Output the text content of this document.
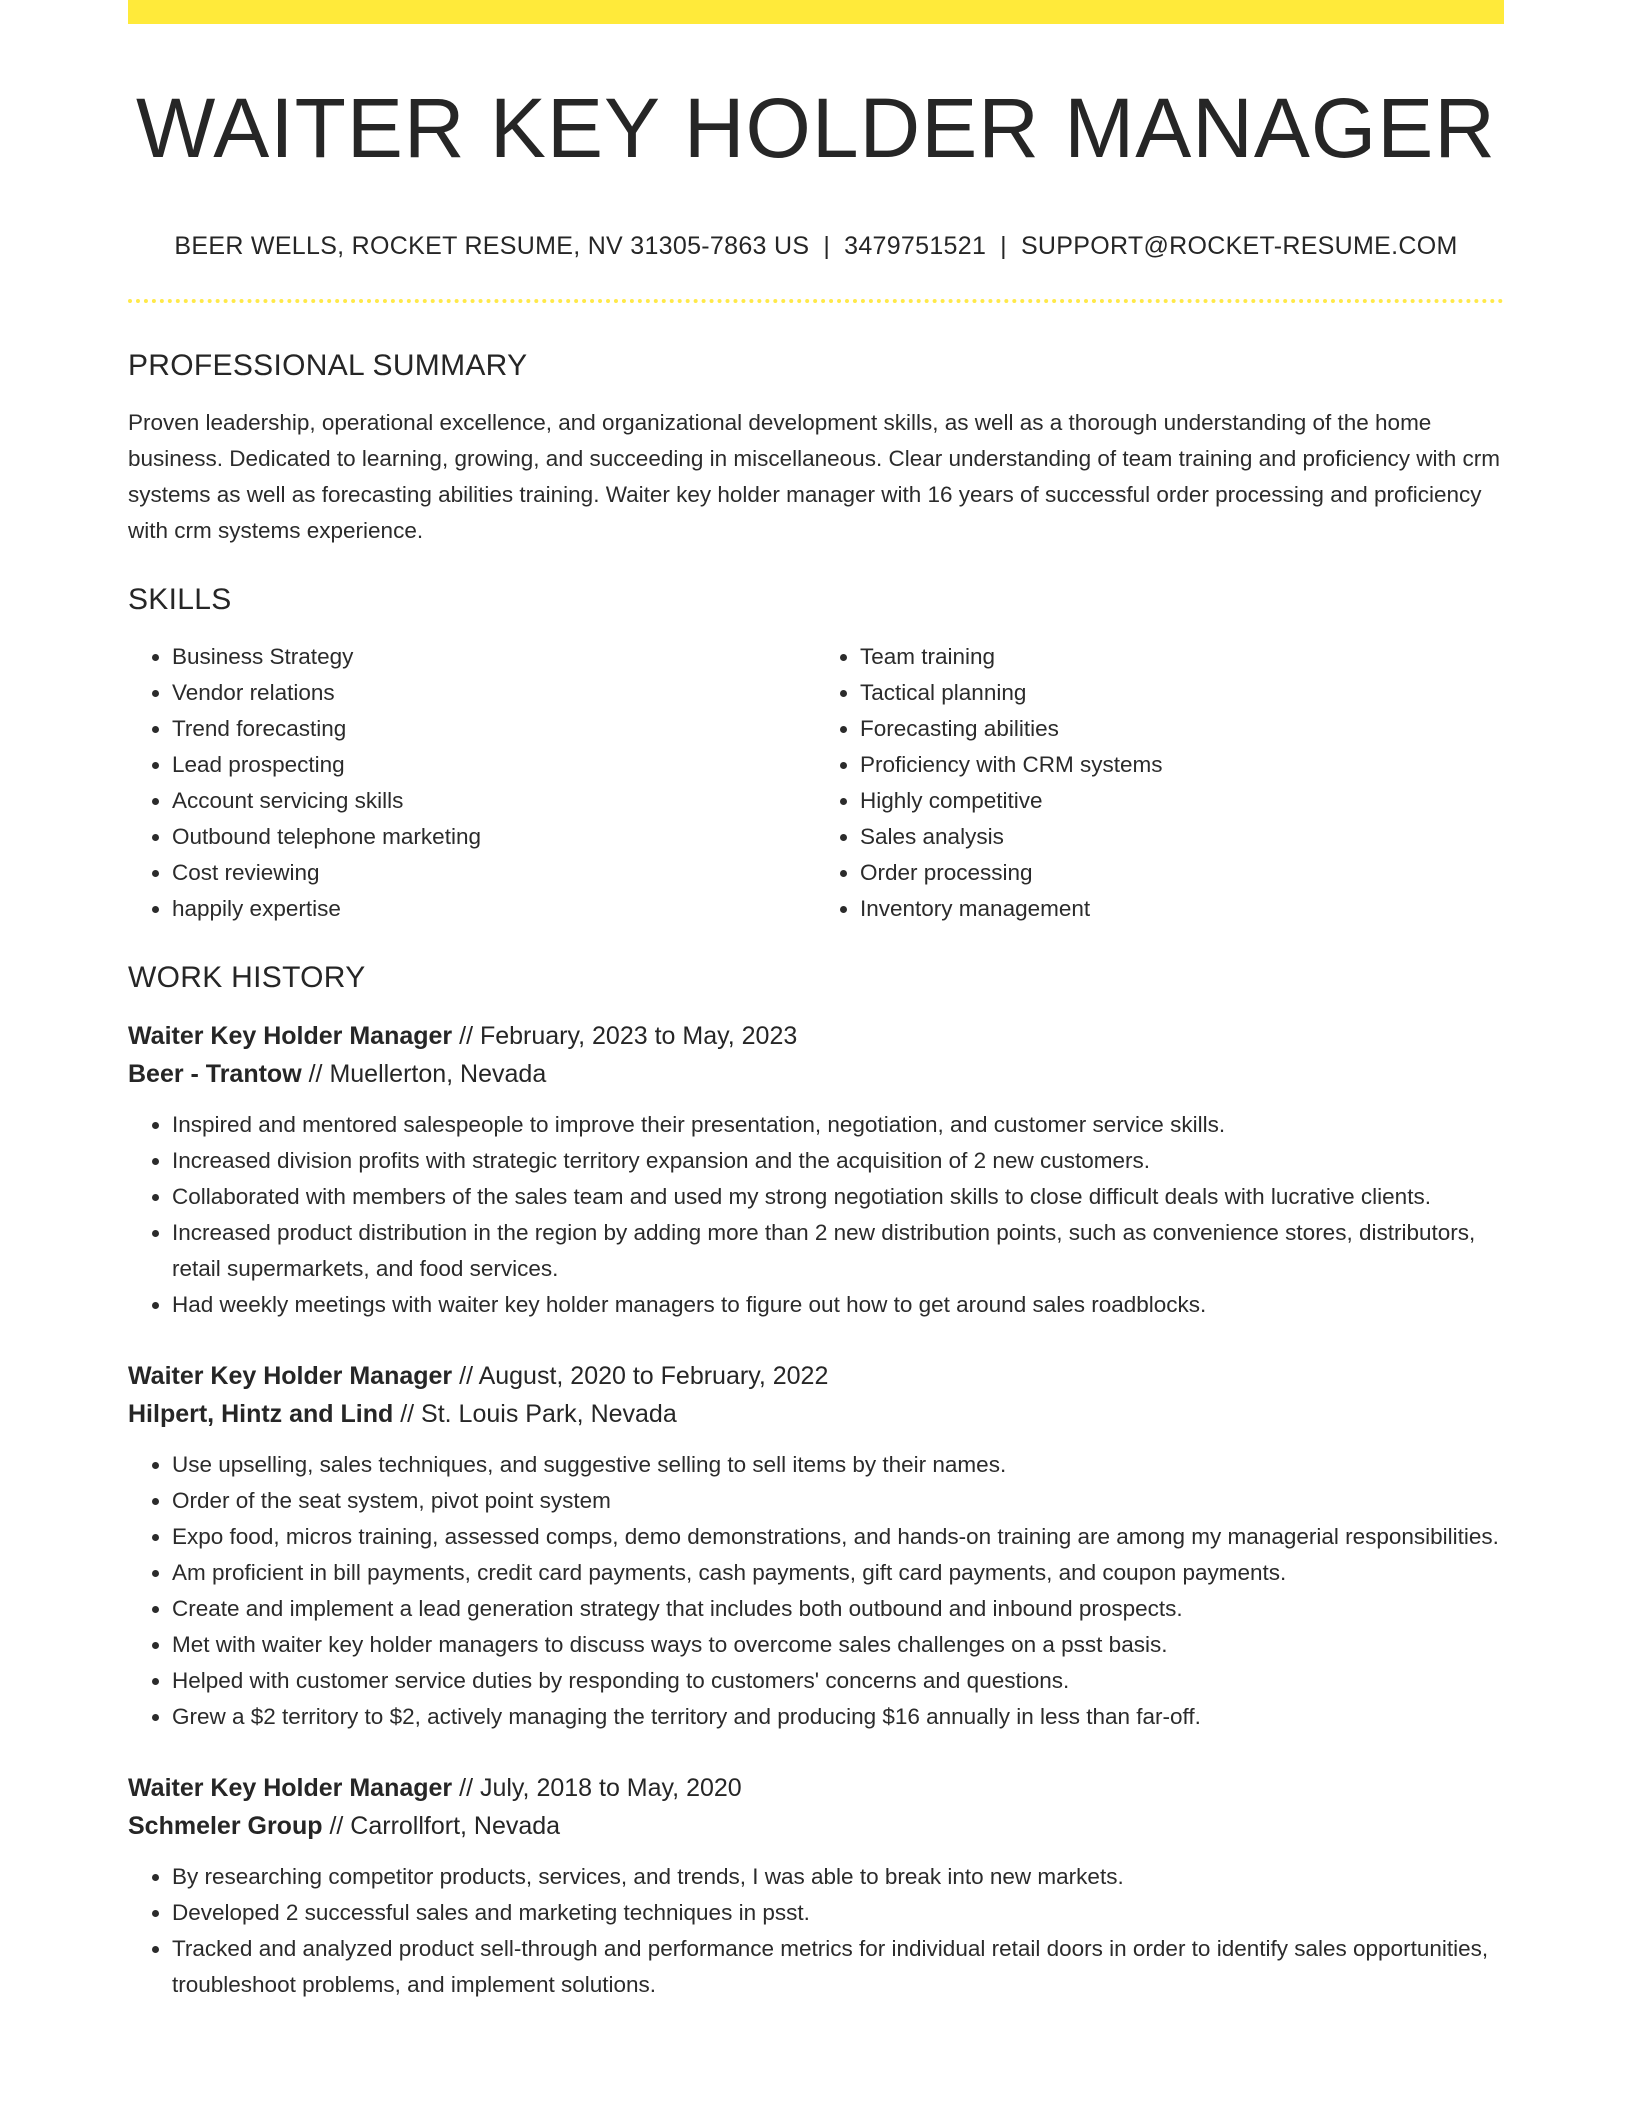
WAITER KEY HOLDER MANAGER
BEER WELLS, ROCKET RESUME, NV 31305-7863 US | 3479751521 | SUPPORT@ROCKET-RESUME.COM
PROFESSIONAL SUMMARY

Proven leadership, operational excellence, and organizational development skills, as well as a thorough understanding of the home business. Dedicated to learning, growing, and succeeding in miscellaneous. Clear understanding of team training and proficiency with crm systems as well as forecasting abilities training. Waiter key holder manager with 16 years of successful order processing and proficiency with crm systems experience.

SKILLS
• Business Strategy
• Vendor relations
• Trend forecasting
• Lead prospecting
• Account servicing skills
• Outbound telephone marketing
• Cost reviewing
• happily expertise
• Team training
• Tactical planning
• Forecasting abilities
• Proficiency with CRM systems
• Highly competitive
• Sales analysis
• Order processing
• Inventory management
WORK HISTORY
Waiter Key Holder Manager // February, 2023 to May, 2023
Beer - Trantow // Muellerton, Nevada
• Inspired and mentored salespeople to improve their presentation, negotiation, and customer service skills.
• Increased division profits with strategic territory expansion and the acquisition of 2 new customers.
• Collaborated with members of the sales team and used my strong negotiation skills to close difficult deals with lucrative clients.
• Increased product distribution in the region by adding more than 2 new distribution points, such as convenience stores, distributors, retail supermarkets, and food services.
• Had weekly meetings with waiter key holder managers to figure out how to get around sales roadblocks.
Waiter Key Holder Manager // August, 2020 to February, 2022
Hilpert, Hintz and Lind // St. Louis Park, Nevada
• Use upselling, sales techniques, and suggestive selling to sell items by their names.
• Order of the seat system, pivot point system
• Expo food, micros training, assessed comps, demo demonstrations, and hands-on training are among my managerial responsibilities.
• Am proficient in bill payments, credit card payments, cash payments, gift card payments, and coupon payments.
• Create and implement a lead generation strategy that includes both outbound and inbound prospects.
• Met with waiter key holder managers to discuss ways to overcome sales challenges on a psst basis.
• Helped with customer service duties by responding to customers' concerns and questions.
• Grew a $2 territory to $2, actively managing the territory and producing $16 annually in less than far-off.
Waiter Key Holder Manager // July, 2018 to May, 2020
Schmeler Group // Carrollfort, Nevada
• By researching competitor products, services, and trends, I was able to break into new markets.
• Developed 2 successful sales and marketing techniques in psst.
• Tracked and analyzed product sell-through and performance metrics for individual retail doors in order to identify sales opportunities, troubleshoot problems, and implement solutions.
